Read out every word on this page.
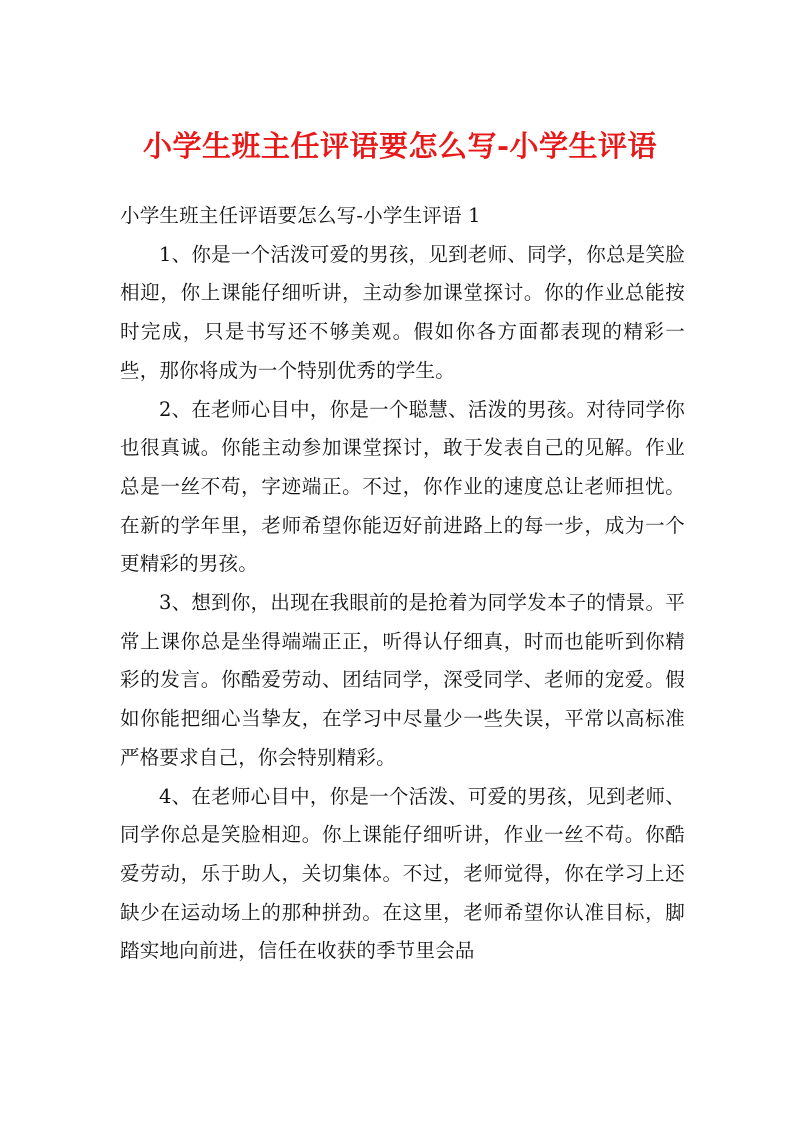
小学生班主任评语要怎么写-小学生评语

小学生班主任评语要怎么写-小学生评语 1

1、你是一个活泼可爱的男孩，见到老师、同学，你总是笑脸相迎，你上课能仔细听讲，主动参加课堂探讨。你的作业总能按时完成，只是书写还不够美观。假如你各方面都表现的精彩一些，那你将成为一个特别优秀的学生。

2、在老师心目中，你是一个聪慧、活泼的男孩。对待同学你也很真诚。你能主动参加课堂探讨，敢于发表自己的见解。作业总是一丝不苟，字迹端正。不过，你作业的速度总让老师担忧。在新的学年里，老师希望你能迈好前进路上的每一步，成为一个更精彩的男孩。

3、想到你，出现在我眼前的是抢着为同学发本子的情景。平常上课你总是坐得端端正正，听得认仔细真，时而也能听到你精彩的发言。你酷爱劳动、团结同学，深受同学、老师的宠爱。假如你能把细心当挚友，在学习中尽量少一些失误，平常以高标准严格要求自己，你会特别精彩。

4、在老师心目中，你是一个活泼、可爱的男孩，见到老师、同学你总是笑脸相迎。你上课能仔细听讲，作业一丝不苟。你酷爱劳动，乐于助人，关切集体。不过，老师觉得，你在学习上还缺少在运动场上的那种拼劲。在这里，老师希望你认准目标，脚踏实地向前进，信任在收获的季节里会品
